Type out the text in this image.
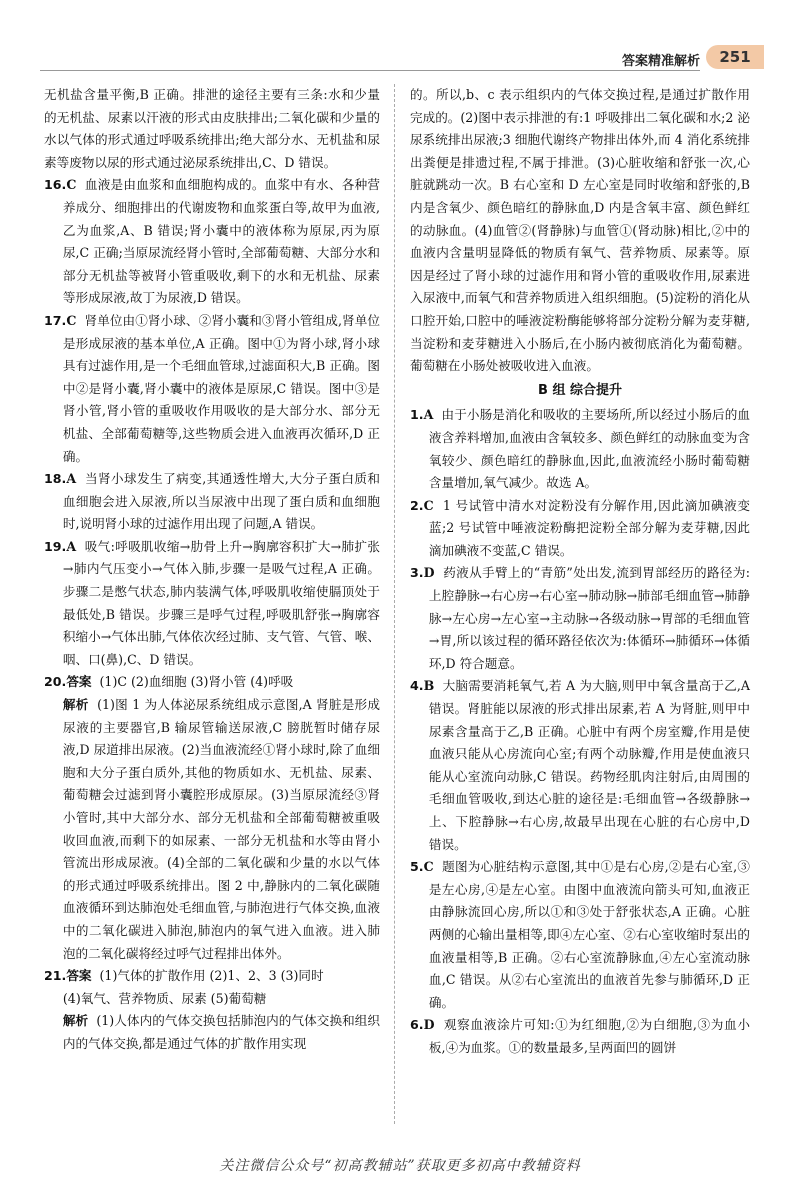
答案精准解析	251

无机盐含量平衡,B 正确。排泄的途径主要有三条:水和少量的无机盐、尿素以汗液的形式由皮肤排出;二氧化碳和少量的水以气体的形式通过呼吸系统排出;绝大部分水、无机盐和尿素等废物以尿的形式通过泌尿系统排出,C、D 错误。

16.C 血液是由血浆和血细胞构成的。血浆中有水、各种营养成分、细胞排出的代谢废物和血浆蛋白等,故甲为血液,乙为血浆,A、B 错误;肾小囊中的液体称为原尿,丙为原尿,C 正确;当原尿流经肾小管时,全部葡萄糖、大部分水和部分无机盐等被肾小管重吸收,剩下的水和无机盐、尿素等形成尿液,故丁为尿液,D 错误。

17.C 肾单位由①肾小球、②肾小囊和③肾小管组成,肾单位是形成尿液的基本单位,A 正确。图中①为肾小球,肾小球具有过滤作用,是一个毛细血管球,过滤面积大,B 正确。图中②是肾小囊,肾小囊中的液体是原尿,C 错误。图中③是肾小管,肾小管的重吸收作用吸收的是大部分水、部分无机盐、全部葡萄糖等,这些物质会进入血液再次循环,D 正确。

18.A 当肾小球发生了病变,其通透性增大,大分子蛋白质和血细胞会进入尿液,所以当尿液中出现了蛋白质和血细胞时,说明肾小球的过滤作用出现了问题,A 错误。

19.A 吸气:呼吸肌收缩→肋骨上升→胸廓容积扩大→肺扩张→肺内气压变小→气体入肺,步骤一是吸气过程,A 正确。步骤二是憋气状态,肺内装满气体,呼吸肌收缩使膈顶处于最低处,B 错误。步骤三是呼气过程,呼吸肌舒张→胸廓容积缩小→气体出肺,气体依次经过肺、支气管、气管、喉、咽、口(鼻),C、D 错误。

20.答案 (1)C (2)血细胞 (3)肾小管 (4)呼吸

解析 (1)图 1 为人体泌尿系统组成示意图,A 肾脏是形成尿液的主要器官,B 输尿管输送尿液,C 膀胱暂时储存尿液,D 尿道排出尿液。(2)当血液流经①肾小球时,除了血细胞和大分子蛋白质外,其他的物质如水、无机盐、尿素、葡萄糖会过滤到肾小囊腔形成原尿。(3)当原尿流经③肾小管时,其中大部分水、部分无机盐和全部葡萄糖被重吸收回血液,而剩下的如尿素、一部分无机盐和水等由肾小管流出形成尿液。(4)全部的二氧化碳和少量的水以气体的形式通过呼吸系统排出。图 2 中,静脉内的二氧化碳随血液循环到达肺泡处毛细血管,与肺泡进行气体交换,血液中的二氧化碳进入肺泡,肺泡内的氧气进入血液。进入肺泡的二氧化碳将经过呼气过程排出体外。

21.答案 (1)气体的扩散作用 (2)1、2、3 (3)同时

(4)氧气、营养物质、尿素 (5)葡萄糖

解析 (1)人体内的气体交换包括肺泡内的气体交换和组织内的气体交换,都是通过气体的扩散作用实现

的。所以,b、c 表示组织内的气体交换过程,是通过扩散作用完成的。(2)图中表示排泄的有:1 呼吸排出二氧化碳和水;2 泌尿系统排出尿液;3 细胞代谢终产物排出体外,而 4 消化系统排出粪便是排遗过程,不属于排泄。(3)心脏收缩和舒张一次,心脏就跳动一次。B 右心室和 D 左心室是同时收缩和舒张的,B 内是含氧少、颜色暗红的静脉血,D 内是含氧丰富、颜色鲜红的动脉血。(4)血管②(肾静脉)与血管①(肾动脉)相比,②中的血液内含量明显降低的物质有氧气、营养物质、尿素等。原因是经过了肾小球的过滤作用和肾小管的重吸收作用,尿素进入尿液中,而氧气和营养物质进入组织细胞。(5)淀粉的消化从口腔开始,口腔中的唾液淀粉酶能够将部分淀粉分解为麦芽糖,当淀粉和麦芽糖进入小肠后,在小肠内被彻底消化为葡萄糖。葡萄糖在小肠处被吸收进入血液。

B 组 综合提升

1.A 由于小肠是消化和吸收的主要场所,所以经过小肠后的血液含养料增加,血液由含氧较多、颜色鲜红的动脉血变为含氧较少、颜色暗红的静脉血,因此,血液流经小肠时葡萄糖含量增加,氧气减少。故选 A。

2.C 1 号试管中清水对淀粉没有分解作用,因此滴加碘液变蓝;2 号试管中唾液淀粉酶把淀粉全部分解为麦芽糖,因此滴加碘液不变蓝,C 错误。

3.D 药液从手臂上的“青筋”处出发,流到胃部经历的路径为:上腔静脉→右心房→右心室→肺动脉→肺部毛细血管→肺静脉→左心房→左心室→主动脉→各级动脉→胃部的毛细血管→胃,所以该过程的循环路径依次为:体循环→肺循环→体循环,D 符合题意。

4.B 大脑需要消耗氧气,若 A 为大脑,则甲中氧含量高于乙,A 错误。肾脏能以尿液的形式排出尿素,若 A 为肾脏,则甲中尿素含量高于乙,B 正确。心脏中有两个房室瓣,作用是使血液只能从心房流向心室;有两个动脉瓣,作用是使血液只能从心室流向动脉,C 错误。药物经肌肉注射后,由周围的毛细血管吸收,到达心脏的途径是:毛细血管→各级静脉→上、下腔静脉→右心房,故最早出现在心脏的右心房中,D 错误。

5.C 题图为心脏结构示意图,其中①是右心房,②是右心室,③是左心房,④是左心室。由图中血液流向箭头可知,血液正由静脉流回心房,所以①和③处于舒张状态,A 正确。心脏两侧的心输出量相等,即④左心室、②右心室收缩时泵出的血液量相等,B 正确。②右心室流静脉血,④左心室流动脉血,C 错误。从②右心室流出的血液首先参与肺循环,D 正确。

6.D 观察血液涂片可知:①为红细胞,②为白细胞,③为血小板,④为血浆。①的数量最多,呈两面凹的圆饼

关注微信公众号“初高教辅站”获取更多初高中教辅资料
